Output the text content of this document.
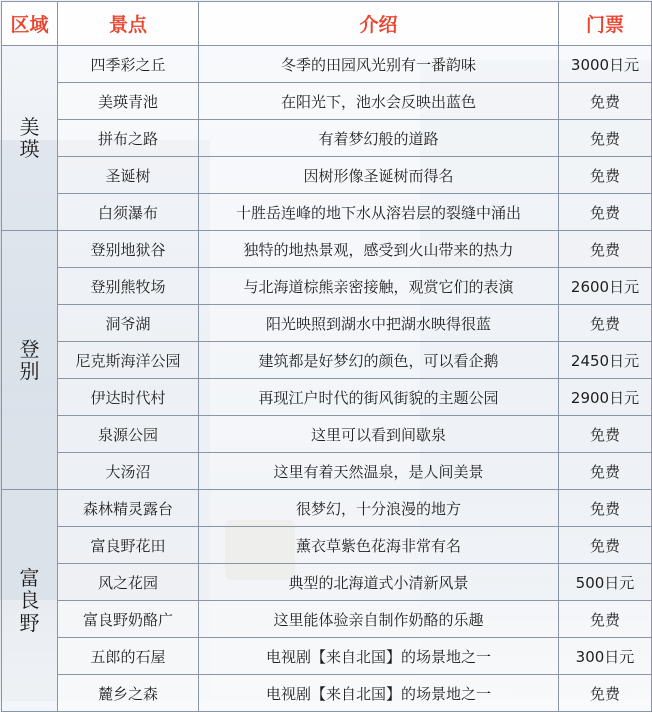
区域	景点	介绍	门票
美瑛	四季彩之丘	冬季的田园风光别有一番韵味	3000日元
	美瑛青池	在阳光下，池水会反映出蓝色	免费
	拼布之路	有着梦幻般的道路	免费
	圣诞树	因树形像圣诞树而得名	免费
	白须瀑布	十胜岳连峰的地下水从溶岩层的裂缝中涌出	免费
登别	登别地狱谷	独特的地热景观，感受到火山带来的热力	免费
	登别熊牧场	与北海道棕熊亲密接触，观赏它们的表演	2600日元
	洞爷湖	阳光映照到湖水中把湖水映得很蓝	免费
	尼克斯海洋公园	建筑都是好梦幻的颜色，可以看企鹅	2450日元
	伊达时代村	再现江户时代的街风街貌的主题公园	2900日元
	泉源公园	这里可以看到间歇泉	免费
	大汤沼	这里有着天然温泉，是人间美景	免费
富良野	森林精灵露台	很梦幻，十分浪漫的地方	免费
	富良野花田	薰衣草紫色花海非常有名	免费
	风之花园	典型的北海道式小清新风景	500日元
	富良野奶酪广	这里能体验亲自制作奶酪的乐趣	免费
	五郎的石屋	电视剧【来自北国】的场景地之一	300日元
	麓乡之森	电视剧【来自北国】的场景地之一	免费
